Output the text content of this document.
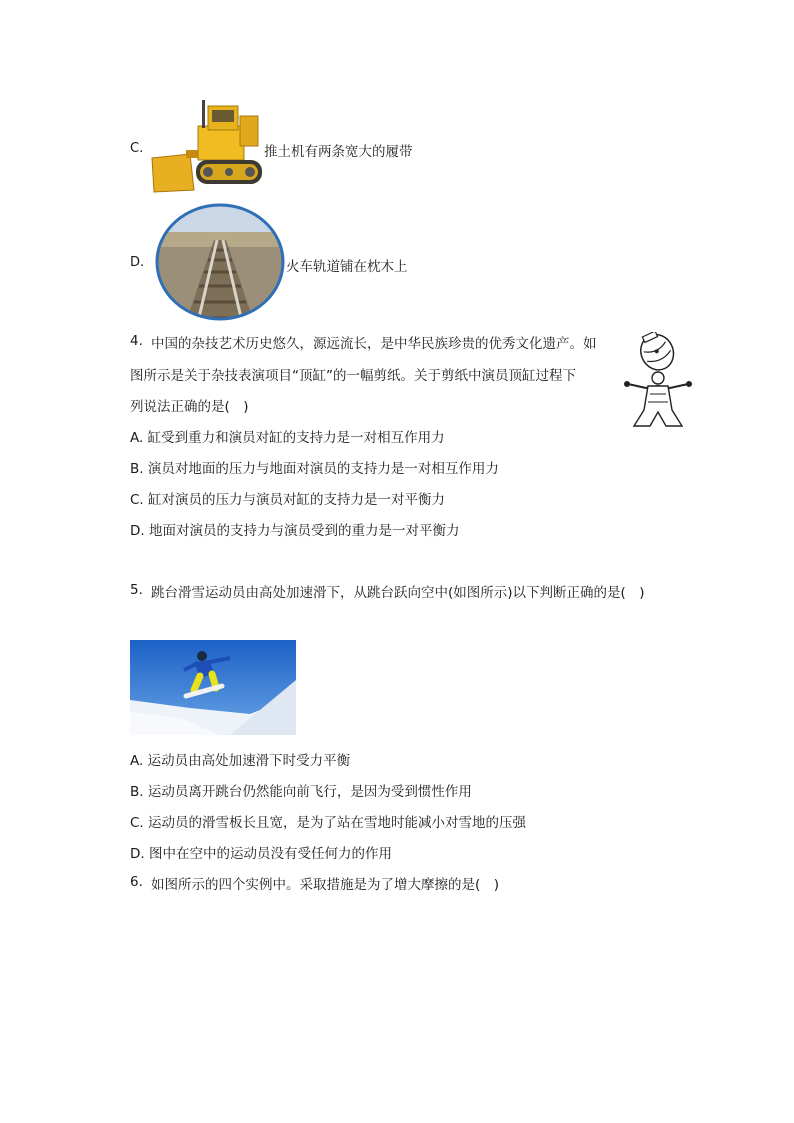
C.	推土机有两条宽大的履带
D.	火车轨道铺在枕木上
4. 中国的杂技艺术历史悠久，源远流长，是中华民族珍贵的优秀文化遗产。如
图所示是关于杂技表演项目“顶缸”的一幅剪纸。关于剪纸中演员顶缸过程下
列说法正确的是(　)
A. 缸受到重力和演员对缸的支持力是一对相互作用力
B. 演员对地面的压力与地面对演员的支持力是一对相互作用力
C. 缸对演员的压力与演员对缸的支持力是一对平衡力
D. 地面对演员的支持力与演员受到的重力是一对平衡力
5. 跳台滑雪运动员由高处加速滑下，从跳台跃向空中(如图所示)以下判断正确的是(　)
A. 运动员由高处加速滑下时受力平衡
B. 运动员离开跳台仍然能向前飞行，是因为受到惯性作用
C. 运动员的滑雪板长且宽，是为了站在雪地时能减小对雪地的压强
D. 图中在空中的运动员没有受任何力的作用
6. 如图所示的四个实例中。采取措施是为了增大摩擦的是(　)
